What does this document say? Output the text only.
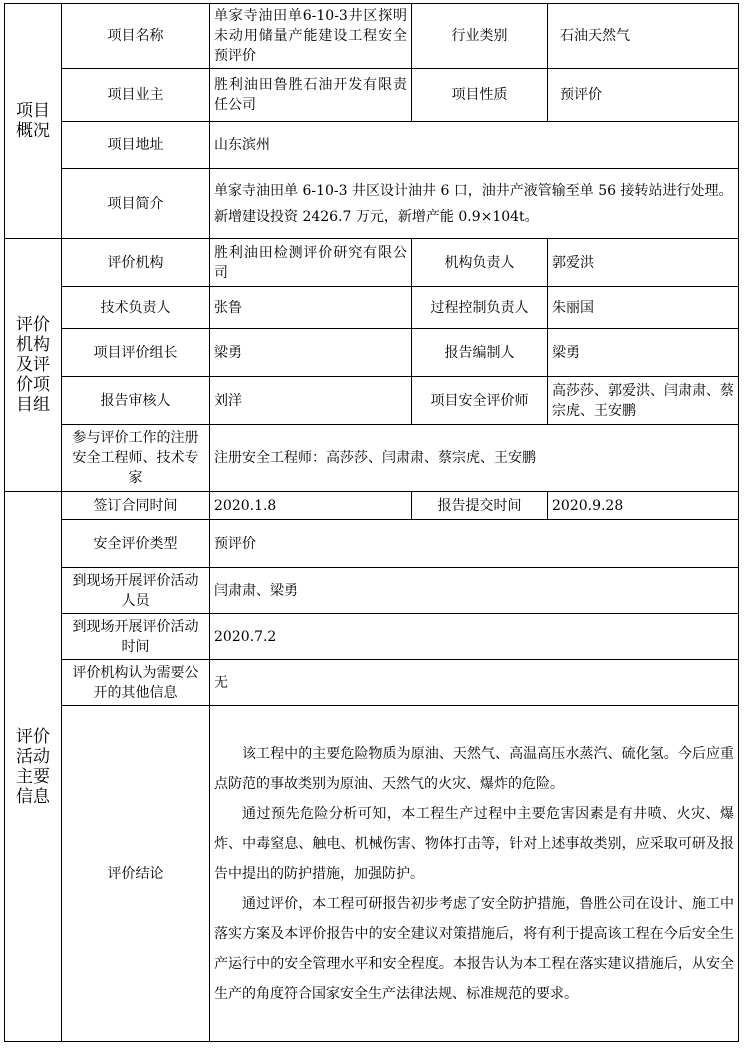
项目概况	项目名称	单家寺油田单6-10-3井区探明未动用储量产能建设工程安全预评价	行业类别	石油天然气
	项目业主	胜利油田鲁胜石油开发有限责任公司	项目性质	预评价
	项目地址	山东滨州		
	项目简介	单家寺油田单 6-10-3 井区设计油井 6 口，油井产液管输至单 56 接转站进行处理。新增建设投资 2426.7 万元，新增产能 0.9×104t。		
评价机构及评价项目组	评价机构	胜利油田检测评价研究有限公司	机构负责人	郭爱洪
	技术负责人	张鲁	过程控制负责人	朱丽国
	项目评价组长	梁勇	报告编制人	梁勇
	报告审核人	刘洋	项目安全评价师	高莎莎、郭爱洪、闫肃肃、蔡宗虎、王安鹏
	参与评价工作的注册安全工程师、技术专家	注册安全工程师：高莎莎、闫肃肃、蔡宗虎、王安鹏		
评价活动主要信息	签订合同时间	2020.1.8	报告提交时间	2020.9.28
	安全评价类型	预评价		
	到现场开展评价活动人员	闫肃肃、梁勇		
	到现场开展评价活动时间	2020.7.2		
	评价机构认为需要公开的其他信息	无		
	评价结论	该工程中的主要危险物质为原油、天然气、高温高压水蒸汽、硫化氢。今后应重点防范的事故类别为原油、天然气的火灾、爆炸的危险。

通过预先危险分析可知，本工程生产过程中主要危害因素是有井喷、火灾、爆炸、中毒窒息、触电、机械伤害、物体打击等，针对上述事故类别，应采取可研及报告中提出的防护措施，加强防护。

通过评价，本工程可研报告初步考虑了安全防护措施，鲁胜公司在设计、施工中落实方案及本评价报告中的安全建议对策措施后，将有利于提高该工程在今后安全生产运行中的安全管理水平和安全程度。本报告认为本工程在落实建议措施后，从安全生产的角度符合国家安全生产法律法规、标准规范的要求。		
